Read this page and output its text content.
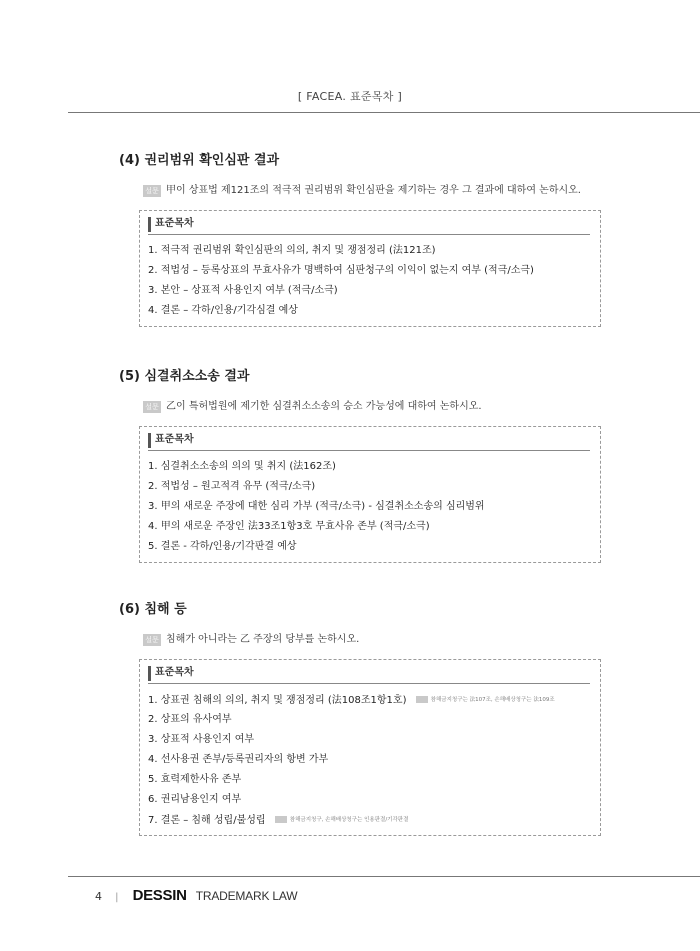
[ FACEA. 표준목차 ]
(4) 권리범위 확인심판 결과
설문 甲이 상표법 제121조의 적극적 권리범위 확인심판을 제기하는 경우 그 결과에 대하여 논하시오.
표준목차
1. 적극적 권리범위 확인심판의 의의, 취지 및 쟁점정리 (法121조)
2. 적법성 – 등록상표의 무효사유가 명백하여 심판청구의 이익이 없는지 여부 (적극/소극)
3. 본안 – 상표적 사용인지 여부 (적극/소극)
4. 결론 – 각하/인용/기각심결 예상
(5) 심결취소소송 결과
설문 乙이 특허법원에 제기한 심결취소소송의 승소 가능성에 대하여 논하시오.
표준목차
1. 심결취소소송의 의의 및 취지 (法162조)
2. 적법성 – 원고적격 유무 (적극/소극)
3. 甲의 새로운 주장에 대한 심리 가부 (적극/소극) - 심결취소소송의 심리범위
4. 甲의 새로운 주장인 法33조1항3호 무효사유 존부 (적극/소극)
5. 결론 - 각하/인용/기각판결 예상
(6) 침해 등
설문 침해가 아니라는 乙 주장의 당부를 논하시오.
표준목차
1. 상표권 침해의 의의, 취지 및 쟁점정리 (法108조1항1호)	참해금지청구는 法107조, 손해배상청구는 法109조
2. 상표의 유사여부
3. 상표적 사용인지 여부
4. 선사용권 존부/등록권리자의 항변 가부
5. 효력제한사유 존부
6. 권리남용인지 여부
7. 결론 – 침해 성립/불성립	참해금지청구, 손해배상청구는 인용판결/기각판결
4 | DESSIN TRADEMARK LAW
